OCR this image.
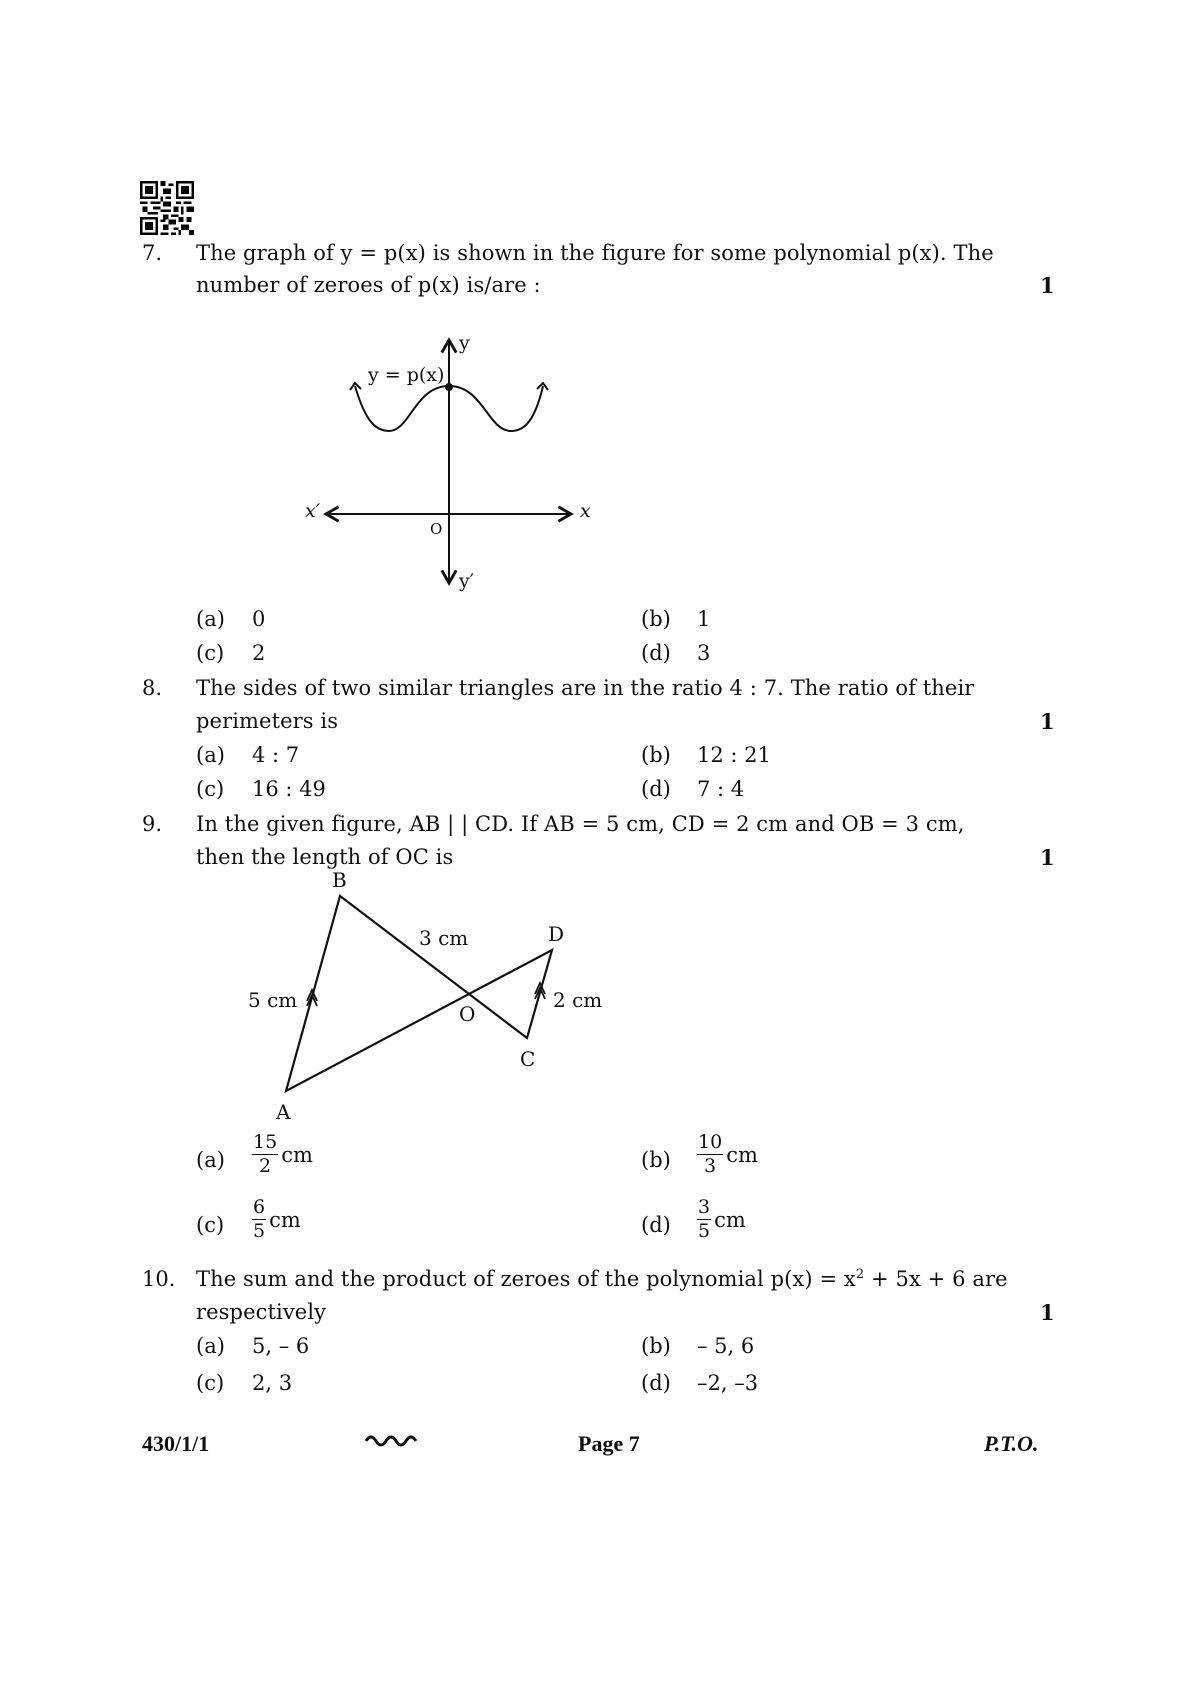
7. The graph of y = p(x) is shown in the figure for some polynomial p(x). The
number of zeroes of p(x) is/are :	1
y = p(x)
y
y′
x
x′
O
(a) 0	(b) 1
(c) 2	(d) 3
8. The sides of two similar triangles are in the ratio 4 : 7. The ratio of their
perimeters is	1
(a) 4 : 7	(b) 12 : 21
(c) 16 : 49	(d) 7 : 4
9. In the given figure, AB | | CD. If AB = 5 cm, CD = 2 cm and OB = 3 cm,
then the length of OC is	1
B
D
O
C
A
3 cm
5 cm	2 cm
$(a) \frac{15}{2}$ cm	$(b) \frac{10}{3}$ cm
$(c) \frac{6}{5}$ cm	$(d) \frac{3}{5}$ cm
10. The sum and the product of zeroes of the polynomial $p(x) = x^2 + 5x + 6$ are
respectively	1
(a) 5, – 6	(b) – 5, 6
(c) 2, 3	(d) –2, –3
430/1/1	Page 7	P.T.O.
